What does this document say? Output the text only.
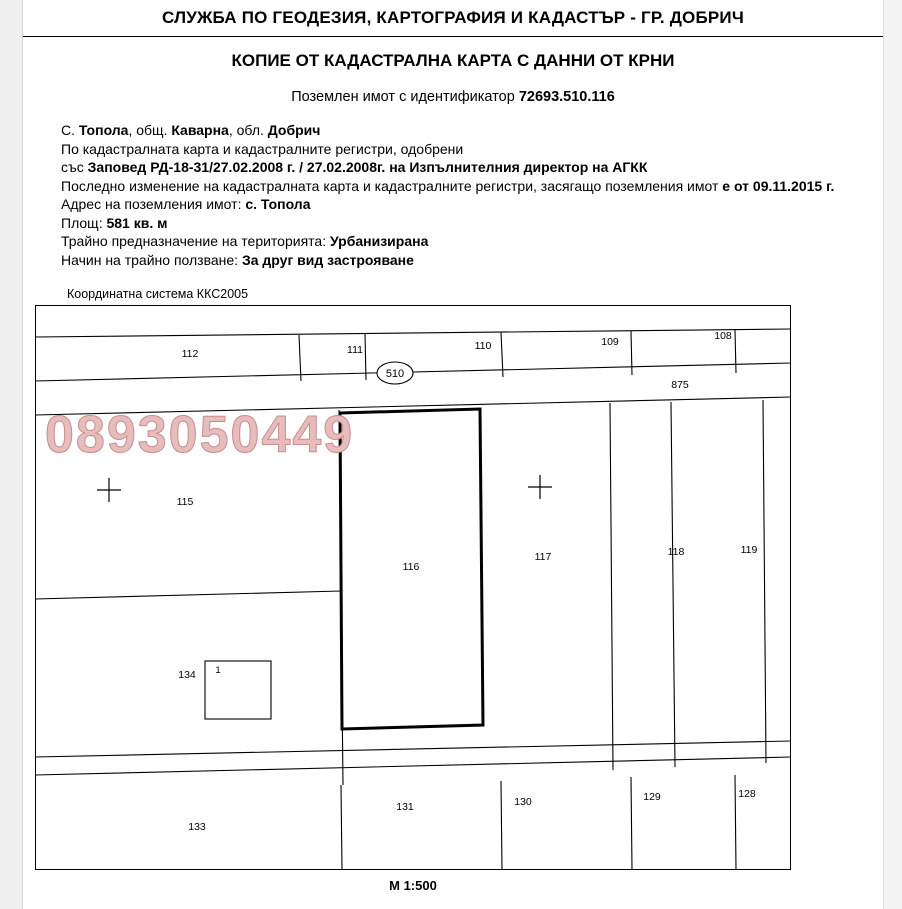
СЛУЖБА ПО ГЕОДЕЗИЯ, КАРТОГРАФИЯ И КАДАСТЪР - ГР. ДОБРИЧ
КОПИЕ ОТ КАДАСТРАЛНА КАРТА С ДАННИ ОТ КРНИ
Поземлен имот с идентификатор 72693.510.116
С. Топола, общ. Каварна, обл. Добрич
По кадастралната карта и кадастралните регистри, одобрени
със Заповед РД-18-31/27.02.2008 г. / 27.02.2008г. на Изпълнителния директор на АГКК
Последно изменение на кадастралната карта и кадастралните регистри, засягащо поземления имот е от 09.11.2015 г.
Адрес на поземления имот: с. Топола
Площ: 581 кв. м
Трайно предназначение на територията: Урбанизирана
Начин на трайно ползване: За друг вид застрояване
Координатна система ККС2005
510
112	111	110	109	108
875
115
116
117	118	119
134 1
133
131	130	129	128
0893050449
М 1:500
